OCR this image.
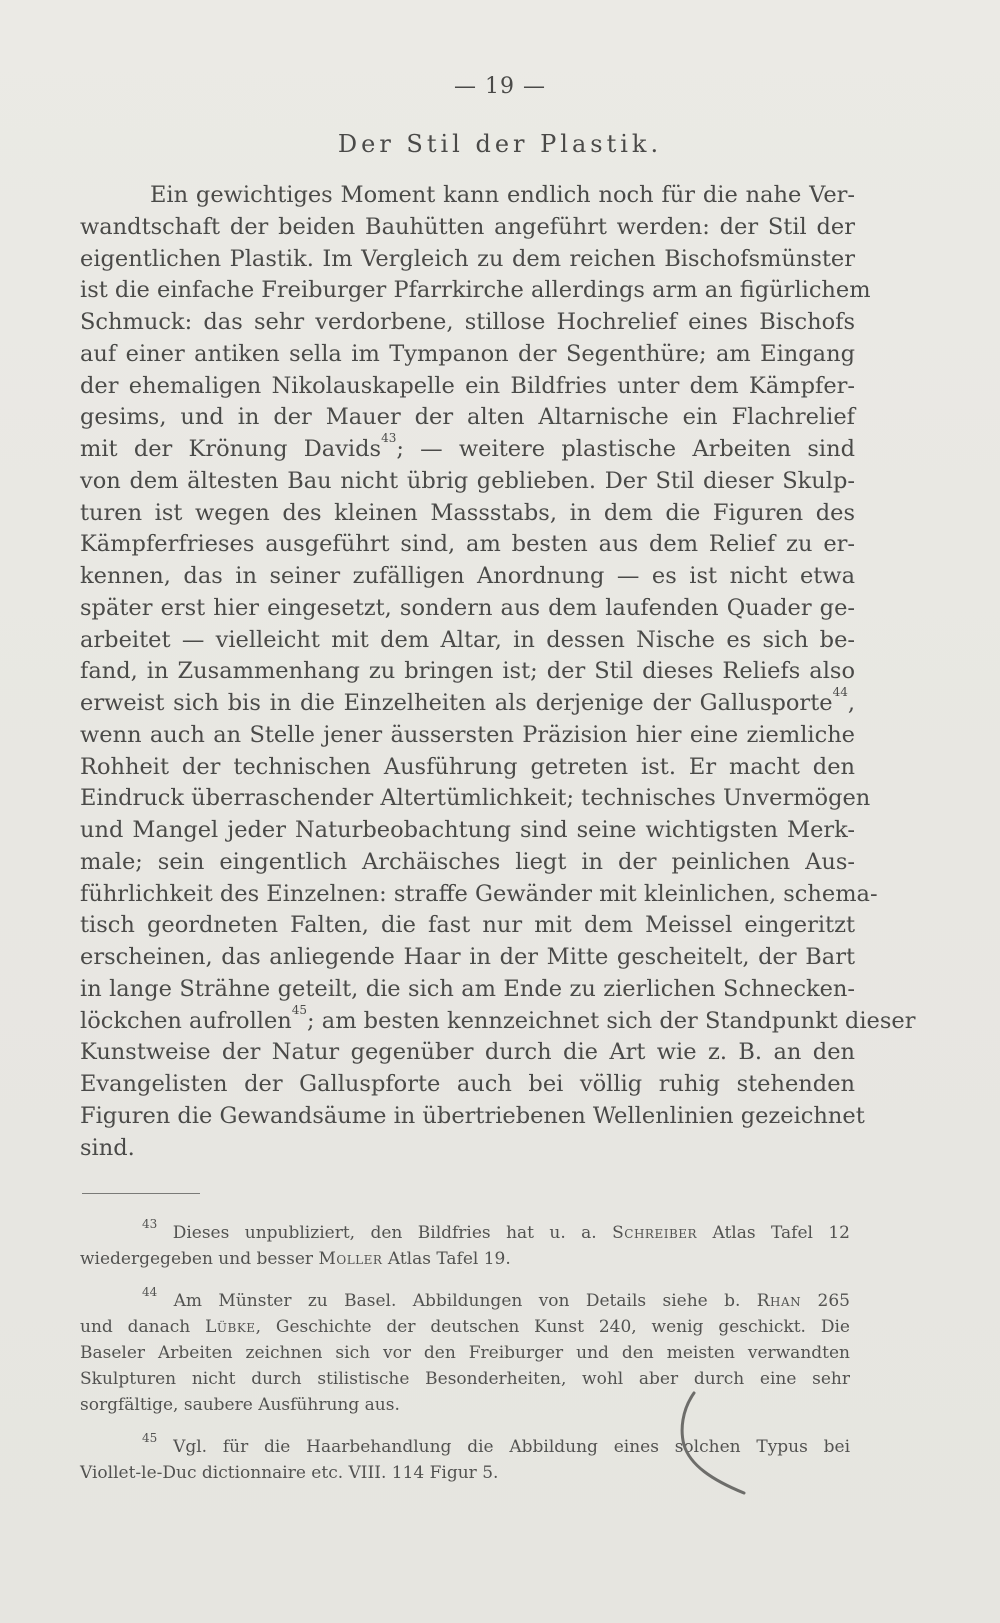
— 19 —
Der Stil der Plastik.
Ein gewichtiges Moment kann endlich noch für die nahe Ver-
wandtschaft der beiden Bauhütten angeführt werden: der Stil der
eigentlichen Plastik. Im Vergleich zu dem reichen Bischofsmünster
ist die einfache Freiburger Pfarrkirche allerdings arm an figürlichem
Schmuck: das sehr verdorbene, stillose Hochrelief eines Bischofs
auf einer antiken sella im Tympanon der Segenthüre; am Eingang
der ehemaligen Nikolauskapelle ein Bildfries unter dem Kämpfer-
gesims, und in der Mauer der alten Altarnische ein Flachrelief
mit der Krönung Davids$^{43}$; — weitere plastische Arbeiten sind
von dem ältesten Bau nicht übrig geblieben. Der Stil dieser Skulp-
turen ist wegen des kleinen Massstabs, in dem die Figuren des
Kämpferfrieses ausgeführt sind, am besten aus dem Relief zu er-
kennen, das in seiner zufälligen Anordnung — es ist nicht etwa
später erst hier eingesetzt, sondern aus dem laufenden Quader ge-
arbeitet — vielleicht mit dem Altar, in dessen Nische es sich be-
fand, in Zusammenhang zu bringen ist; der Stil dieses Reliefs also
erweist sich bis in die Einzelheiten als derjenige der Gallusporte$^{44}$,
wenn auch an Stelle jener äussersten Präzision hier eine ziemliche
Rohheit der technischen Ausführung getreten ist. Er macht den
Eindruck überraschender Altertümlichkeit; technisches Unvermögen
und Mangel jeder Naturbeobachtung sind seine wichtigsten Merk-
male; sein eingentlich Archäisches liegt in der peinlichen Aus-
führlichkeit des Einzelnen: straffe Gewänder mit kleinlichen, schema-
tisch geordneten Falten, die fast nur mit dem Meissel eingeritzt
erscheinen, das anliegende Haar in der Mitte gescheitelt, der Bart
in lange Strähne geteilt, die sich am Ende zu zierlichen Schnecken-
löckchen aufrollen$^{45}$; am besten kennzeichnet sich der Standpunkt dieser
Kunstweise der Natur gegenüber durch die Art wie z. B. an den
Evangelisten der Galluspforte auch bei völlig ruhig stehenden
Figuren die Gewandsäume in übertriebenen Wellenlinien gezeichnet
sind.
$^{43}$ Dieses unpubliziert, den Bildfries hat u. a. Schreiber Atlas Tafel 12
wiedergegeben und besser Moller Atlas Tafel 19.
$^{44}$ Am Münster zu Basel. Abbildungen von Details siehe b. Rhan 265
und danach Lübke, Geschichte der deutschen Kunst 240, wenig geschickt. Die
Baseler Arbeiten zeichnen sich vor den Freiburger und den meisten verwandten
Skulpturen nicht durch stilistische Besonderheiten, wohl aber durch eine sehr
sorgfältige, saubere Ausführung aus.
$^{45}$ Vgl. für die Haarbehandlung die Abbildung eines solchen Typus bei
Viollet-le-Duc dictionnaire etc. VIII. 114 Figur 5.
